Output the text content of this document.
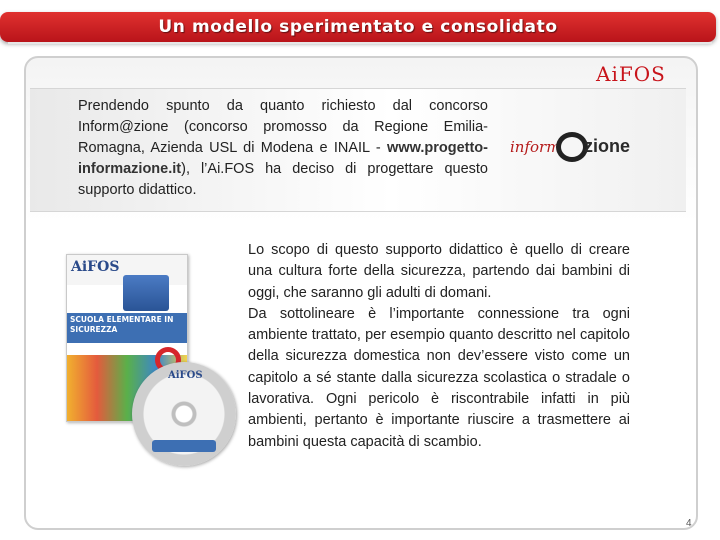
Un modello sperimentato e consolidato
AiFOS
Prendendo spunto da quanto richiesto dal concorso Inform@zione (concorso promosso da Regione Emilia-Romagna, Azienda USL di Modena e INAIL - www.progetto-informazione.it), l’Ai.FOS ha deciso di progettare questo supporto didattico.
inform zione
AiFOS
SCUOLA ELEMENTARE IN SICUREZZA
AiFOS

Lo scopo di questo supporto didattico è quello di creare una cultura forte della sicurezza, partendo dai bambini di oggi, che saranno gli adulti di domani.

Da sottolineare è l’importante connessione tra ogni ambiente trattato, per esempio quanto descritto nel capitolo della sicurezza domestica non dev’essere visto come un capitolo a sé stante dalla sicurezza scolastica o stradale o lavorativa. Ogni pericolo è riscontrabile infatti in più ambienti, pertanto è importante riuscire a trasmettere ai bambini questa capacità di scambio.

4
